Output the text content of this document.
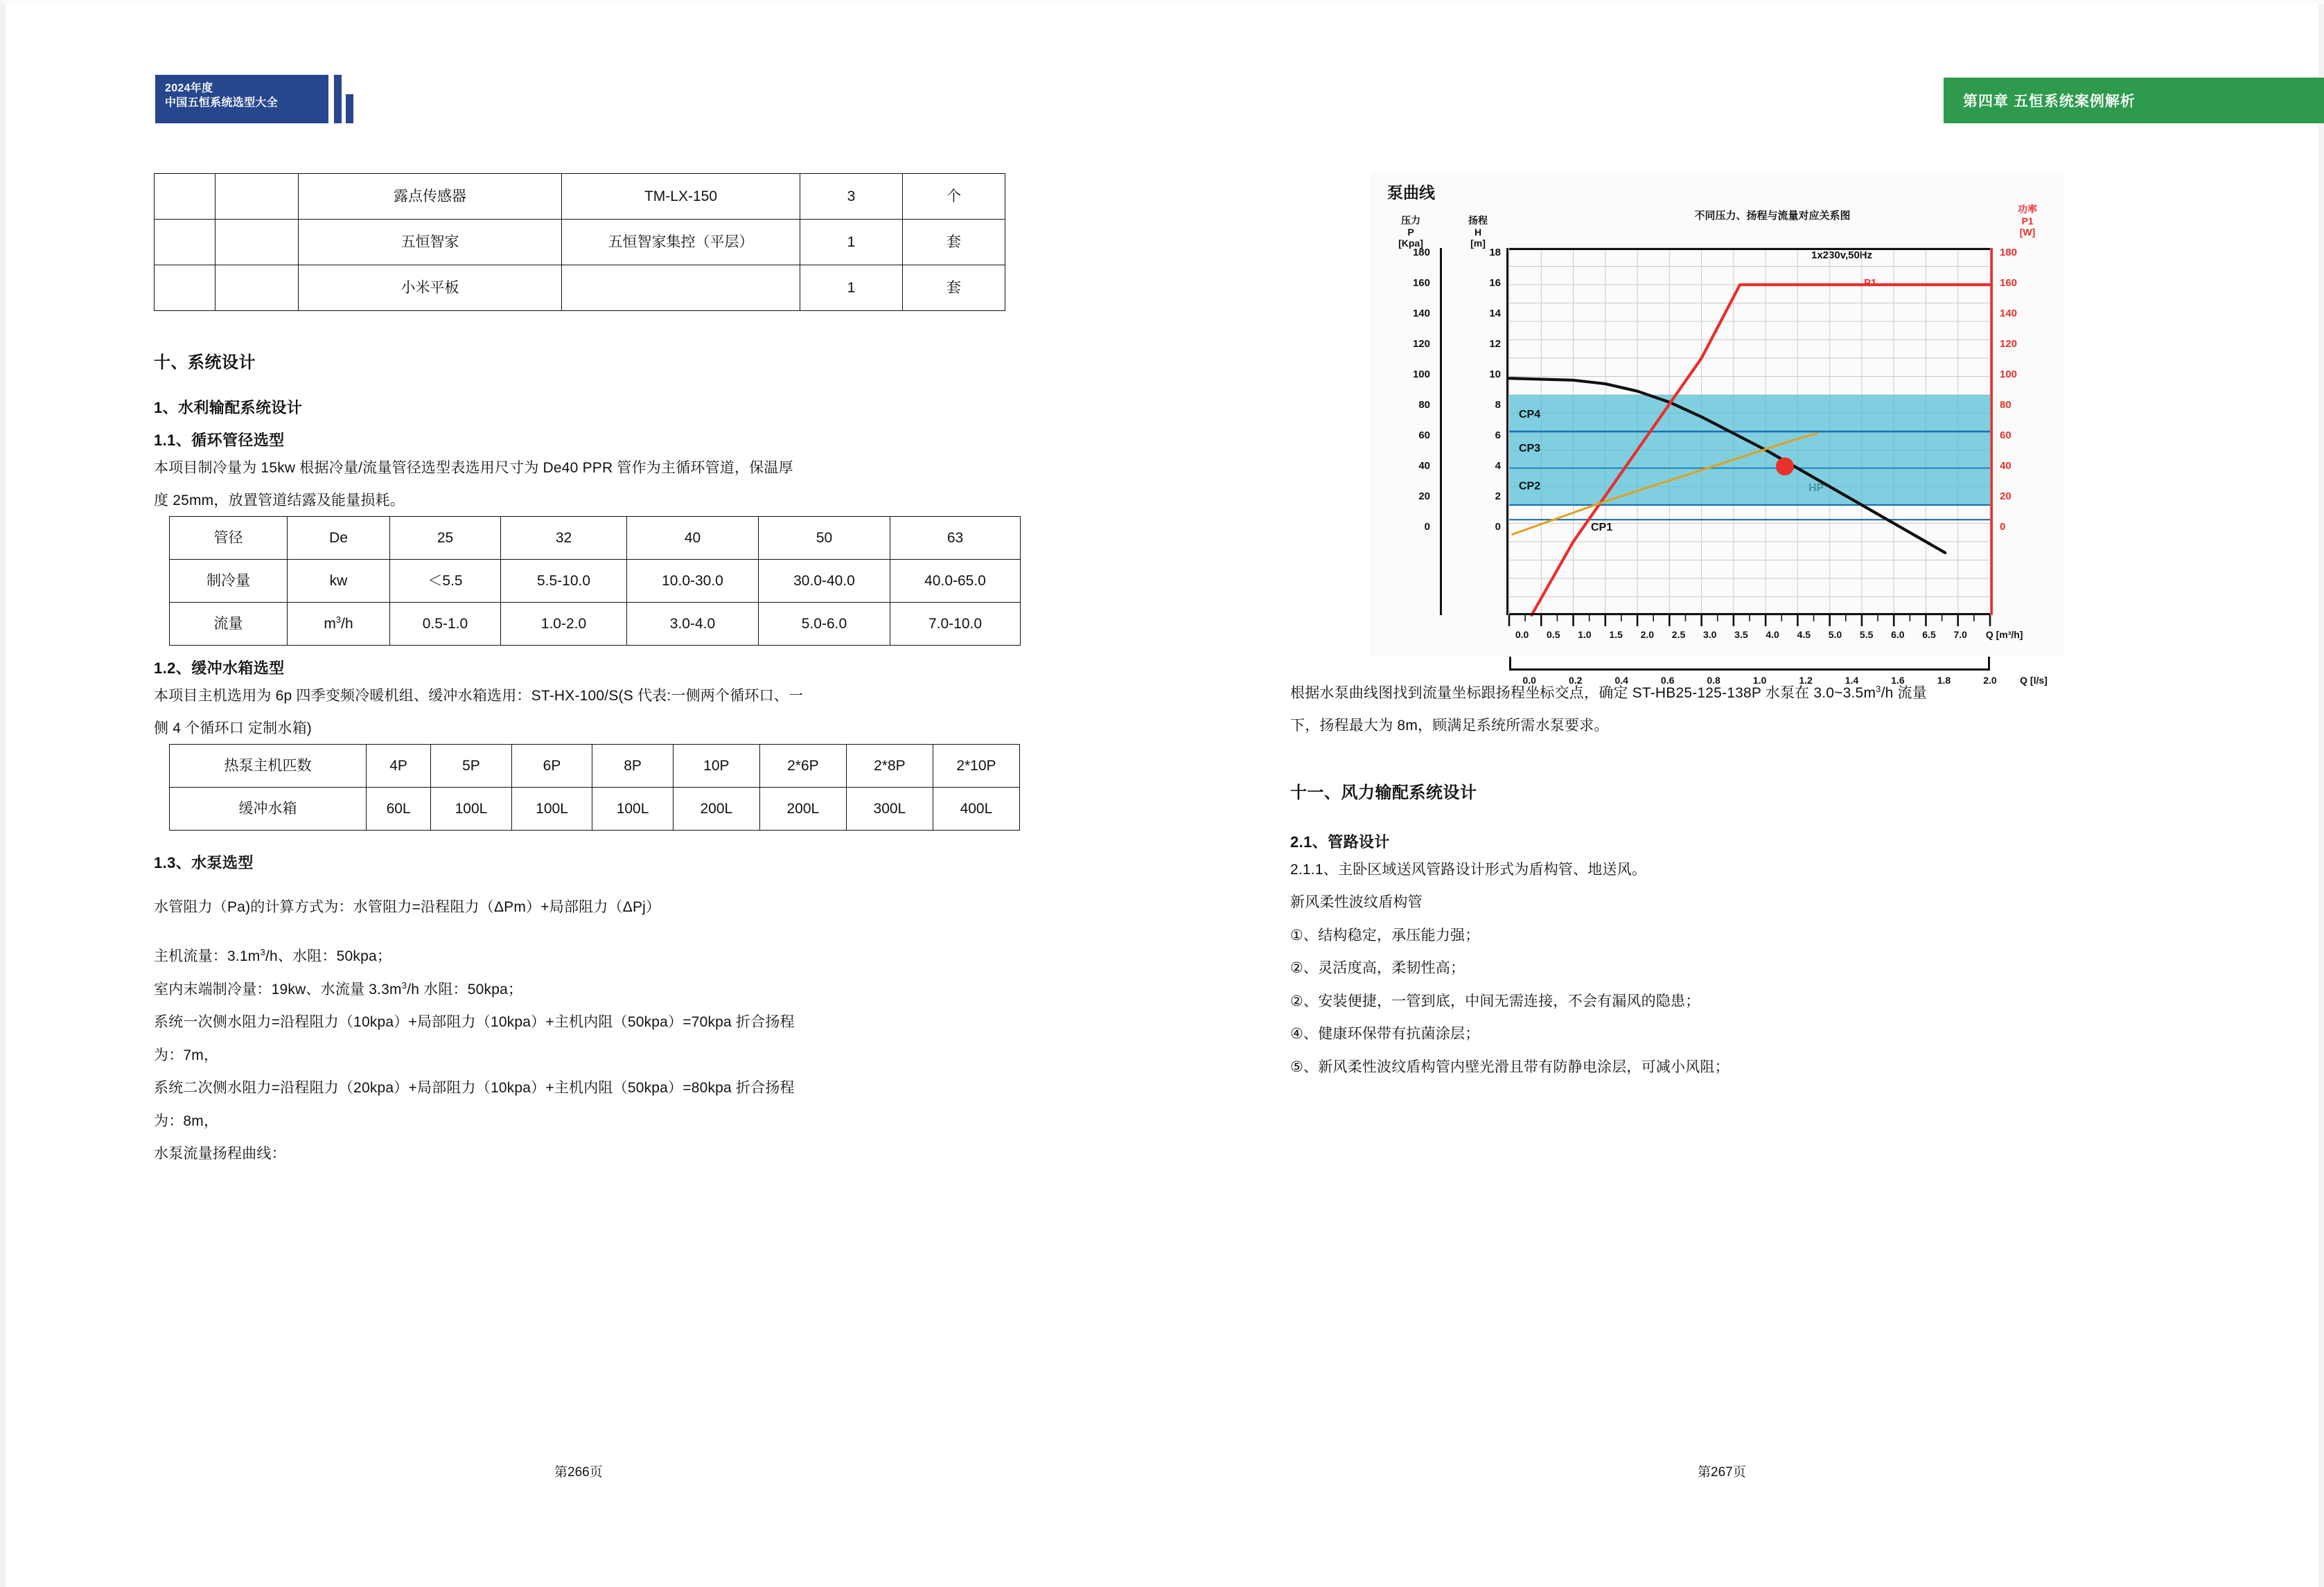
2024年度
中国五恒系统选型大全	第四章 五恒系统案例解析
		露点传感器	TM-LX-150	3	个
		五恒智家	五恒智家集控（平层）	1	套
		小米平板		1	套
十、系统设计
1、水利输配系统设计
1.1、循环管径选型

本项目制冷量为 15kw 根据冷量/流量管径选型表选用尺寸为 De40 PPR 管作为主循环管道，保温厚

度 25mm，放置管道结露及能量损耗。

管径	De	25	32	40	50	63
制冷量	kw	＜5.5	5.5-10.0	10.0-30.0	30.0-40.0	40.0-65.0
流量	$m^3/h$	0.5-1.0	1.0-2.0	3.0-4.0	5.0-6.0	7.0-10.0
1.2、缓冲水箱选型

本项目主机选用为 6p 四季变频冷暖机组、缓冲水箱选用：ST-HX-100/S(S 代表:一侧两个循环口、一

侧 4 个循环口 定制水箱)

热泵主机匹数	4P	5P	6P	8P	10P	2*6P	2*8P	2*10P
缓冲水箱	60L	100L	100L	100L	200L	200L	300L	400L
1.3、水泵选型

水管阻力（Pa)的计算方式为：水管阻力=沿程阻力（ΔPm）+局部阻力（ΔPj）

主机流量：$3.1m^3/h$、水阻：50kpa；

室内末端制冷量：19kw、水流量 $3.3m^3/h$ 水阻：50kpa；

系统一次侧水阻力=沿程阻力（10kpa）+局部阻力（10kpa）+主机内阻（50kpa）=70kpa 折合扬程

为：7m，

系统二次侧水阻力=沿程阻力（20kpa）+局部阻力（10kpa）+主机内阻（50kpa）=80kpa 折合扬程

为：8m，

水泵流量扬程曲线：

泵曲线
压力
P
[Kpa]
扬程
H
[m]
功率
P1
[W]
不同压力、扬程与流量对应关系图
1x230v,50Hz
P1
180
160
140
120
100
80
60
40
20
0
18
16
14
12
10
8
6
4
2
0
180
160
140
120
100
80
60
40
20
0
CP4
CP3
CP2
CP1
0.0	0.5	1.0	1.5	2.0	2.5	3.0	3.5	4.0	4.5	5.0	5.5	6.0	6.5	7.0	Q [m³/h]
0.0	0.2	0.4	0.6	0.8	1.0	1.2	1.4	1.6	1.8	2.0	Q [l/s]

根据水泵曲线图找到流量坐标跟扬程坐标交点，确定 ST-HB25-125-138P 水泵在 $3.0\sim 3.5m^3/h$ 流量

下，扬程最大为 8m，顾满足系统所需水泵要求。

十一、风力输配系统设计
2.1、管路设计

2.1.1、主卧区域送风管路设计形式为盾构管、地送风。

新风柔性波纹盾构管

①、结构稳定，承压能力强；

②、灵活度高，柔韧性高；

②、安装便捷，一管到底，中间无需连接，不会有漏风的隐患；

④、健康环保带有抗菌涂层；

⑤、新风柔性波纹盾构管内壁光滑且带有防静电涂层，可减小风阻；

第266页	第267页
